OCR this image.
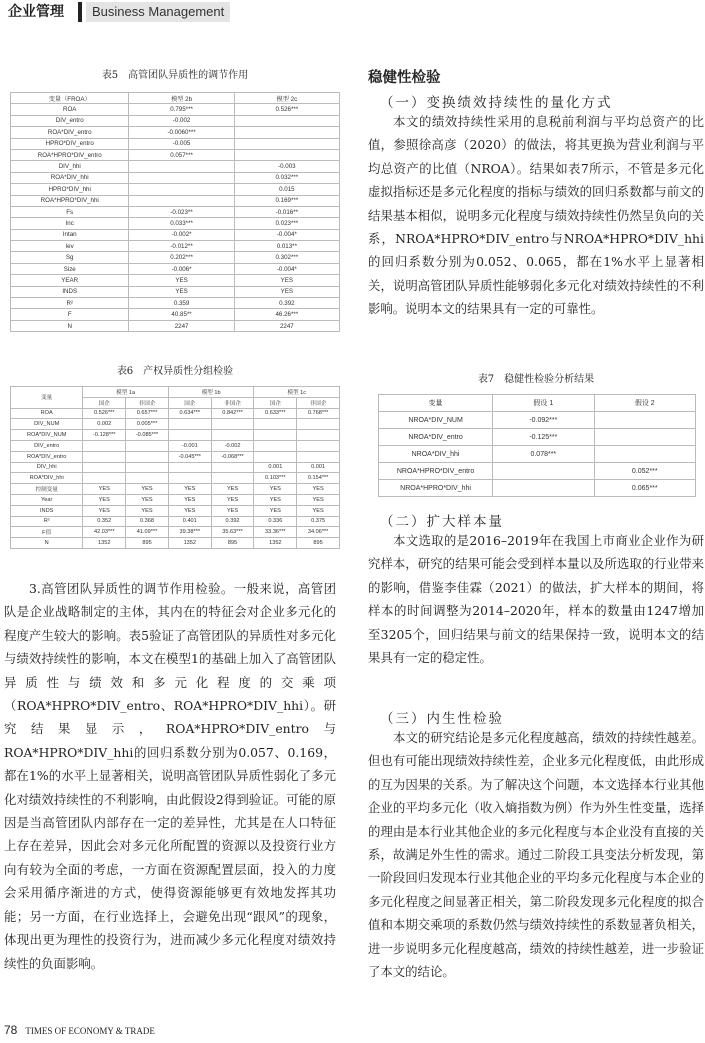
企业管理	Business Management
表5　高管团队异质性的调节作用
变量（FROA）	模型 2b	模型 2c
ROA	0.795***	0.526***
DIV_entro	-0.002	
ROA*DIV_entro	-0.0060***	
HPRO*DIV_entro	-0.005	
ROA*HPRO*DIV_entro	0.057***	
DIV_hhi		-0.003
ROA*DIV_hhi		0.032***
HPRO*DIV_hhi		0.015
ROA*HPRO*DIV_hhi		0.169***
Fs	-0.023**	-0.016**
Inc	0.033***	0.023***
Intan	-0.002*	-0.004*
lev	-0.012**	0.013**
Sg	0.202***	0.302***
Size	-0.006*	-0.004*
YEAR	YES	YES
INDS	YES	YES
R²	0.359	0.392
F	40.85**	46.26***
N	2247	2247
表6　产权异质性分组检验
变量	模型 1a		模型 1b		模型 1c	
	国企	非国企	国企	非国企	国企	非国企
ROA	0.526***	0.657***	0.634***	0.842***	0.633***	0.768***
DIV_NUM	0.002	0.005***				
ROA*DIV_NUM	-0.128***	-0.085***				
DIV_entro			-0.001	-0.002		
ROA*DIV_entro			-0.045***	-0.068***		
DIV_hhi					0.001	0.001
ROA*DIV_hhi					0.103***	0.154***
控制变量	YES	YES	YES	YES	YES	YES
Year	YES	YES	YES	YES	YES	YES
INDS	YES	YES	YES	YES	YES	YES
R²	0.352	0.368	0.401	0.392	0.336	0.375
F值	42.03***	41.09***	39.38***	35.63***	33.36***	34.06***
N	1352	895	1352	895	1352	895

3.高管团队异质性的调节作用检验。一般来说，高管团队是企业战略制定的主体，其内在的特征会对企业多元化的程度产生较大的影响。表5验证了高管团队的异质性对多元化与绩效持续性的影响，本文在模型1的基础上加入了高管团队异质性与绩效和多元化程度的交乘项（ROA*HPRO*DIV_entro、ROA*HPRO*DIV_hhi）。研究结果显示，ROA*HPRO*DIV_entro与ROA*HPRO*DIV_hhi的回归系数分别为0.057、0.169，都在1%的水平上显著相关，说明高管团队异质性弱化了多元化对绩效持续性的不利影响，由此假设2得到验证。可能的原因是当高管团队内部存在一定的差异性，尤其是在人口特征上存在差异，因此会对多元化所配置的资源以及投资行业方向有较为全面的考虑，一方面在资源配置层面，投入的力度会采用循序渐进的方式，使得资源能够更有效地发挥其功能；另一方面，在行业选择上，会避免出现“跟风”的现象，体现出更为理性的投资行为，进而减少多元化程度对绩效持续性的负面影响。

稳健性检验
（一）变换绩效持续性的量化方式

本文的绩效持续性采用的息税前利润与平均总资产的比值，参照徐高彦（2020）的做法，将其更换为营业利润与平均总资产的比值（NROA）。结果如表7所示，不管是多元化虚拟指标还是多元化程度的指标与绩效的回归系数都与前文的结果基本相似，说明多元化程度与绩效持续性仍然呈负向的关系，NROA*HPRO*DIV_entro与NROA*HPRO*DIV_hhi的回归系数分别为0.052、0.065，都在1%水平上显著相关，说明高管团队异质性能够弱化多元化对绩效持续性的不利影响。说明本文的结果具有一定的可靠性。

表7　稳健性检验分析结果
变量	假设 1	假设 2
NROA*DIV_NUM	-0.092***	
NROA*DIV_entro	-0.125***	
NROA*DIV_hhi	0.078***	
NROA*HPRO*DIV_entro		0.052***
NROA*HPRO*DIV_hhi		0.065***
（二）扩大样本量

本文选取的是2016–2019年在我国上市商业企业作为研究样本，研究的结果可能会受到样本量以及所选取的行业带来的影响，借鉴李佳霖（2021）的做法，扩大样本的期间，将样本的时间调整为2014–2020年，样本的数量由1247增加至3205个，回归结果与前文的结果保持一致，说明本文的结果具有一定的稳定性。

（三）内生性检验

本文的研究结论是多元化程度越高，绩效的持续性越差。但也有可能出现绩效持续性差，企业多元化程度低，由此形成的互为因果的关系。为了解决这个问题，本文选择本行业其他企业的平均多元化（收入熵指数为例）作为外生性变量，选择的理由是本行业其他企业的多元化程度与本企业没有直接的关系，故满足外生性的需求。通过二阶段工具变法分析发现，第一阶段回归发现本行业其他企业的平均多元化程度与本企业的多元化程度之间显著正相关，第二阶段发现多元化程度的拟合值和本期交乘项的系数仍然与绩效持续性的系数显著负相关，进一步说明多元化程度越高，绩效的持续性越差，进一步验证了本文的结论。

78 TIMES OF ECONOMY & TRADE
